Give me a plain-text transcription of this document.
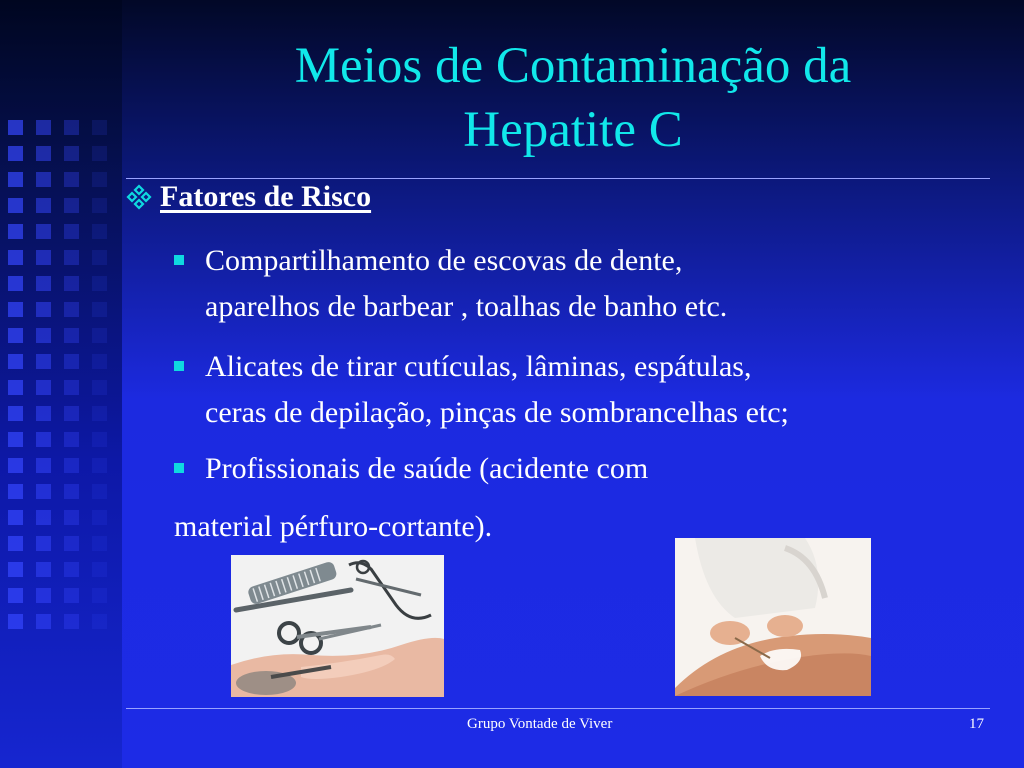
Meios de Contaminação da
Hepatite C
Fatores de Risco
Compartilhamento de escovas de dente,
aparelhos de barbear , toalhas de banho etc.
Alicates de tirar cutículas, lâminas, espátulas,
ceras de depilação, pinças de sombrancelhas etc;
Profissionais de saúde (acidente com
material pérfuro-cortante).
Grupo Vontade de Viver	17
